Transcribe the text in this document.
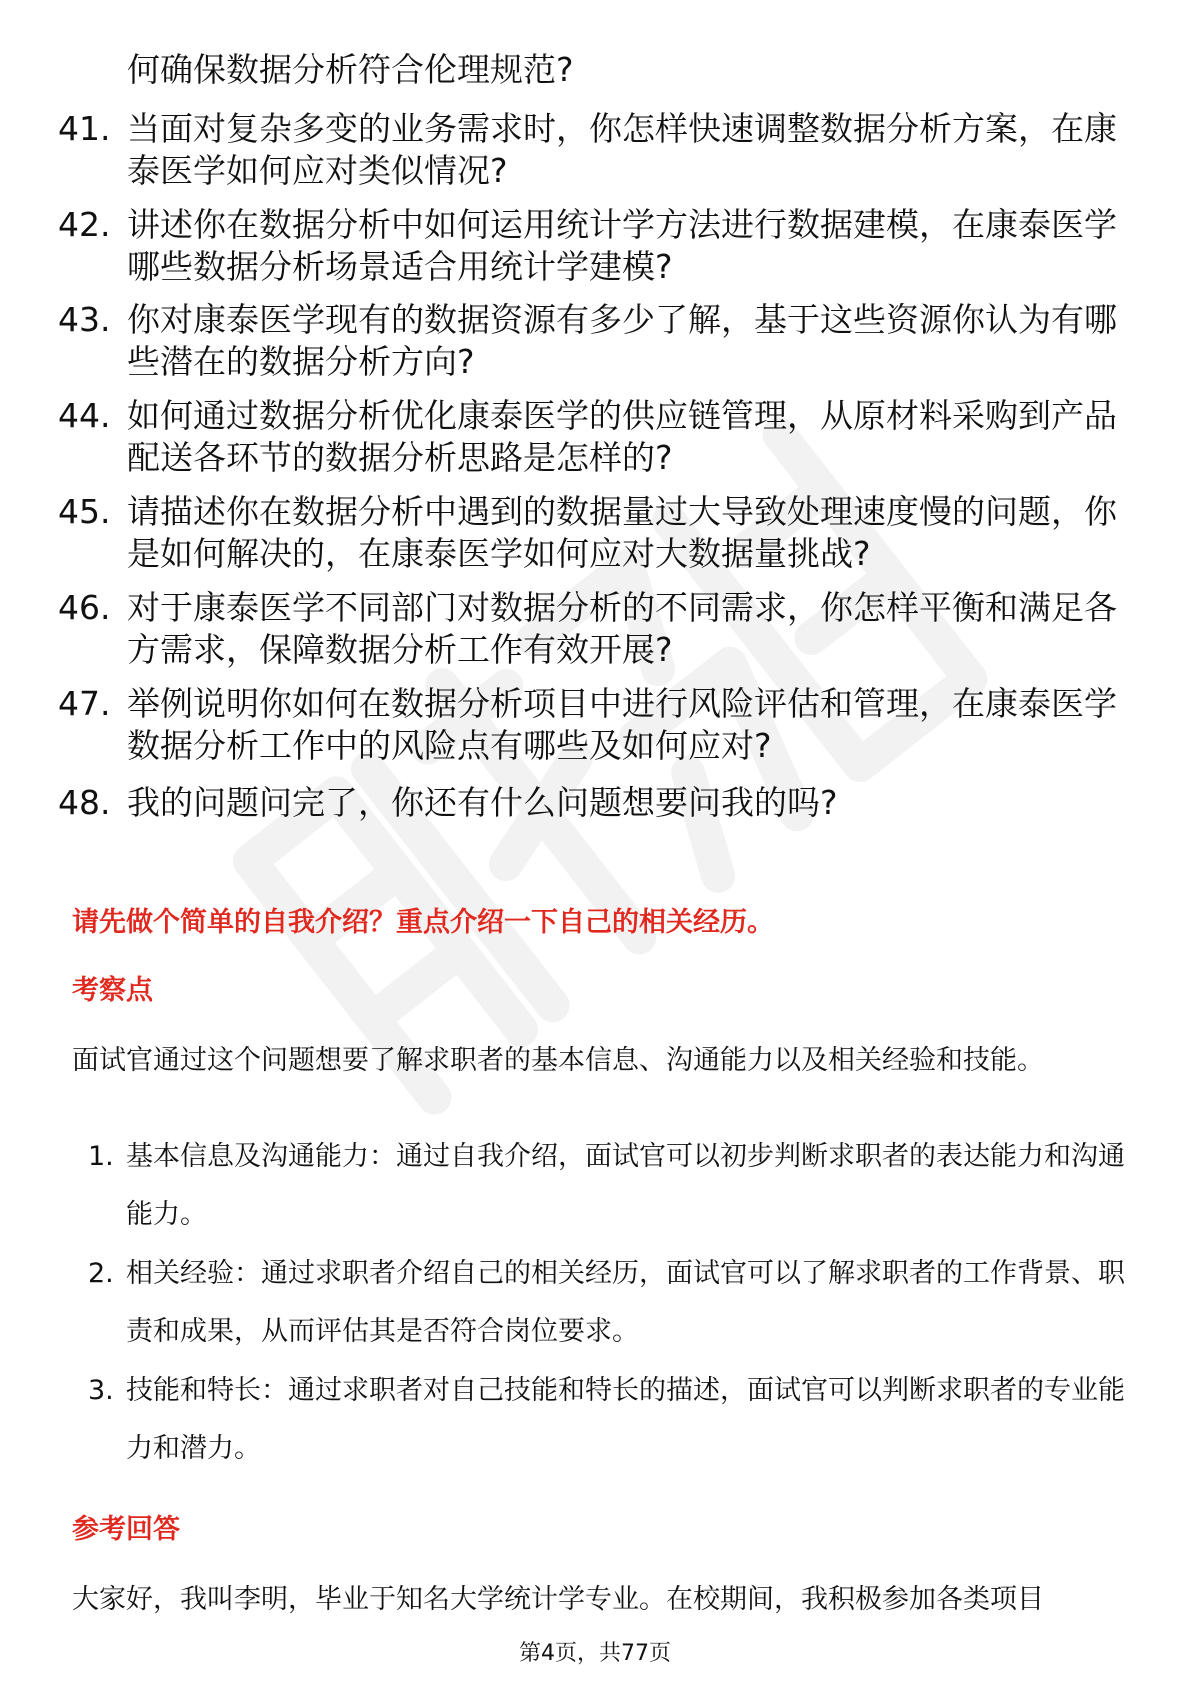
何确保数据分析符合伦理规范?
41. 当面对复杂多变的业务需求时，你怎样快速调整数据分析方案，在康泰医学如何应对类似情况?
42. 讲述你在数据分析中如何运用统计学方法进行数据建模，在康泰医学哪些数据分析场景适合用统计学建模?
43. 你对康泰医学现有的数据资源有多少了解，基于这些资源你认为有哪些潜在的数据分析方向?
44. 如何通过数据分析优化康泰医学的供应链管理，从原材料采购到产品配送各环节的数据分析思路是怎样的?
45. 请描述你在数据分析中遇到的数据量过大导致处理速度慢的问题，你是如何解决的，在康泰医学如何应对大数据量挑战?
46. 对于康泰医学不同部门对数据分析的不同需求，你怎样平衡和满足各方需求，保障数据分析工作有效开展?
47. 举例说明你如何在数据分析项目中进行风险评估和管理，在康泰医学数据分析工作中的风险点有哪些及如何应对?
48. 我的问题问完了，你还有什么问题想要问我的吗?
请先做个简单的自我介绍？重点介绍一下自己的相关经历。
考察点
面试官通过这个问题想要了解求职者的基本信息、沟通能力以及相关经验和技能。
1. 基本信息及沟通能力：通过自我介绍，面试官可以初步判断求职者的表达能力和沟通能力。
2. 相关经验：通过求职者介绍自己的相关经历，面试官可以了解求职者的工作背景、职责和成果，从而评估其是否符合岗位要求。
3. 技能和特长：通过求职者对自己技能和特长的描述，面试官可以判断求职者的专业能力和潜力。
参考回答
大家好，我叫李明，毕业于知名大学统计学专业。在校期间，我积极参加各类项目
第4页，共77页
